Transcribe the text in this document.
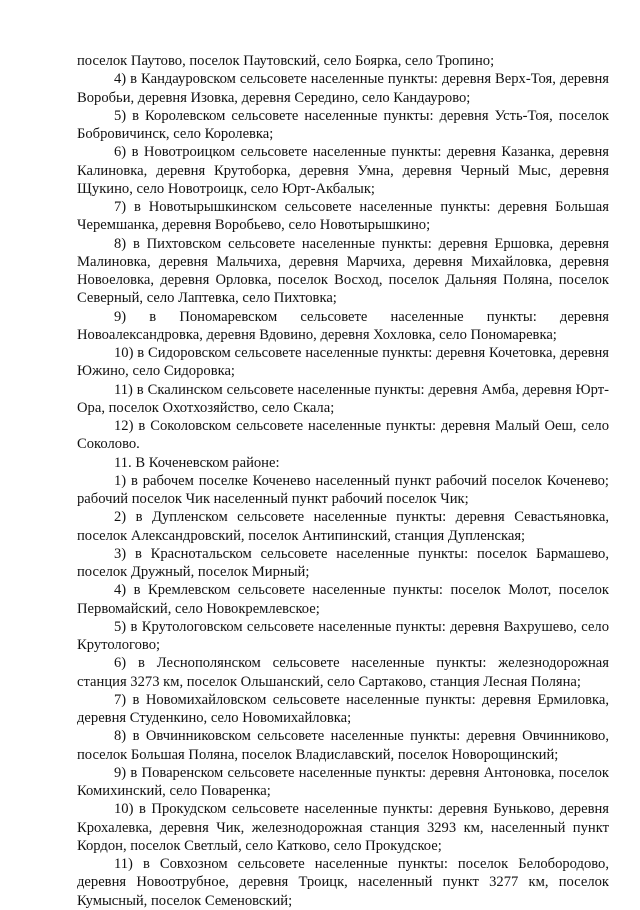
поселок Паутово, поселок Паутовский, село Боярка, село Тропино;

4) в Кандауровском сельсовете населенные пункты: деревня Верх-Тоя, деревня Воробьи, деревня Изовка, деревня Середино, село Кандаурово;

5) в Королевском сельсовете населенные пункты: деревня Усть-Тоя, поселок Бобровичинск, село Королевка;

6) в Новотроицком сельсовете населенные пункты: деревня Казанка, деревня Калиновка, деревня Крутоборка, деревня Умна, деревня Черный Мыс, деревня Щукино, село Новотроицк, село Юрт-Акбалык;

7) в Новотырышкинском сельсовете населенные пункты: деревня Большая Черемшанка, деревня Воробьево, село Новотырышкино;

8) в Пихтовском сельсовете населенные пункты: деревня Ершовка, деревня Малиновка, деревня Мальчиха, деревня Марчиха, деревня Михайловка, деревня Новоеловка, деревня Орловка, поселок Восход, поселок Дальняя Поляна, поселок Северный, село Лаптевка, село Пихтовка;

9) в Пономаревском сельсовете населенные пункты: деревня Новоалександровка, деревня Вдовино, деревня Хохловка, село Пономаревка;

10) в Сидоровском сельсовете населенные пункты: деревня Кочетовка, деревня Южино, село Сидоровка;

11) в Скалинском сельсовете населенные пункты: деревня Амба, деревня Юрт-Ора, поселок Охотхозяйство, село Скала;

12) в Соколовском сельсовете населенные пункты: деревня Малый Оеш, село Соколово.

11. В Коченевском районе:

1) в рабочем поселке Коченево населенный пункт рабочий поселок Коченево; рабочий поселок Чик населенный пункт рабочий поселок Чик;

2) в Дупленском сельсовете населенные пункты: деревня Севастьяновка, поселок Александровский, поселок Антипинский, станция Дупленская;

3) в Краснотальском сельсовете населенные пункты: поселок Бармашево, поселок Дружный, поселок Мирный;

4) в Кремлевском сельсовете населенные пункты: поселок Молот, поселок Первомайский, село Новокремлевское;

5) в Крутологовском сельсовете населенные пункты: деревня Вахрушево, село Крутологово;

6) в Леснополянском сельсовете населенные пункты: железнодорожная станция 3273 км, поселок Ольшанский, село Сартаково, станция Лесная Поляна;

7) в Новомихайловском сельсовете населенные пункты: деревня Ермиловка, деревня Студенкино, село Новомихайловка;

8) в Овчинниковском сельсовете населенные пункты: деревня Овчинниково, поселок Большая Поляна, поселок Владиславский, поселок Новорощинский;

9) в Поваренском сельсовете населенные пункты: деревня Антоновка, поселок Комихинский, село Поваренка;

10) в Прокудском сельсовете населенные пункты: деревня Буньково, деревня Крохалевка, деревня Чик, железнодорожная станция 3293 км, населенный пункт Кордон, поселок Светлый, село Катково, село Прокудское;

11) в Совхозном сельсовете населенные пункты: поселок Белобородово, деревня Новоотрубное, деревня Троицк, населенный пункт 3277 км, поселок Кумысный, поселок Семеновский;
